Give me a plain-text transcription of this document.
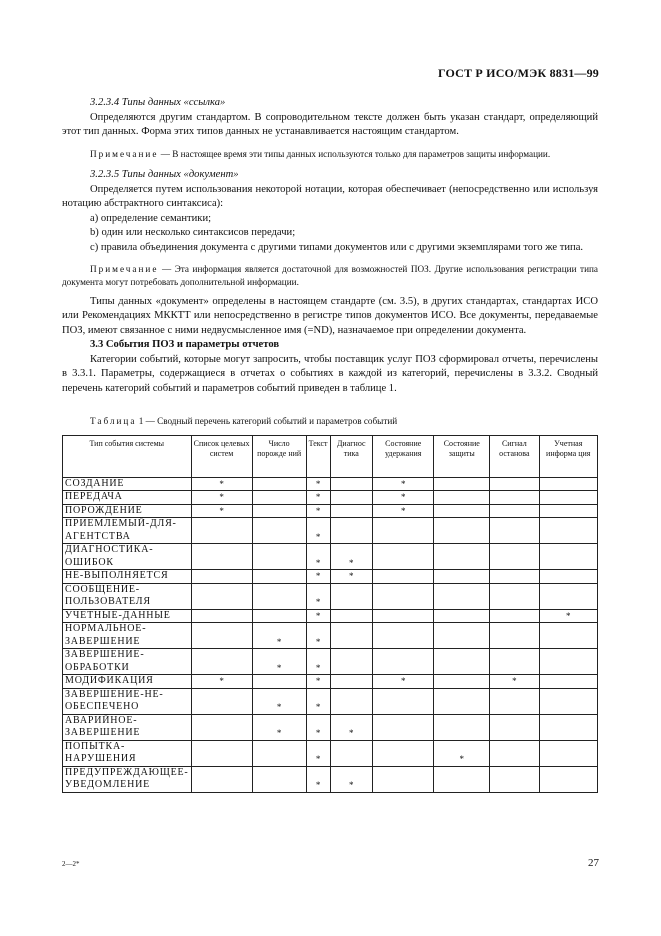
ГОСТ Р ИСО/МЭК 8831—99

3.2.3.4 Типы данных «ссылка»

Определяются другим стандартом. В сопроводительном тексте должен быть указан стандарт, определяющий этот тип данных. Форма этих типов данных не устанавливается настоящим стандартом.

Примечание — В настоящее время эти типы данных используются только для параметров защиты информации.

3.2.3.5 Типы данных «документ»

Определяется путем использования некоторой нотации, которая обеспечивает (непосредственно или используя нотацию абстрактного синтаксиса):

a) определение семантики;

b) один или несколько синтаксисов передачи;

c) правила объединения документа с другими типами документов или с другими экземплярами того же типа.

Примечание — Эта информация является достаточной для возможностей ПОЗ. Другие использования регистрации типа документа могут потребовать дополнительной информации.

Типы данных «документ» определены в настоящем стандарте (см. 3.5), в других стандартах, стандартах ИСО или Рекомендациях МККТТ или непосредственно в регистре типов документов ИСО. Все документы, передаваемые ПОЗ, имеют связанное с ними недвусмысленное имя (=ND), назначаемое при определении документа.

3.3 События ПОЗ и параметры отчетов

Категории событий, которые могут запросить, чтобы поставщик услуг ПОЗ сформировал отчеты, перечислены в 3.3.1. Параметры, содержащиеся в отчетах о событиях в каждой из категорий, перечислены в 3.3.2. Сводный перечень категорий событий и параметров событий приведен в таблице 1.

Таблица 1 — Сводный перечень категорий событий и параметров событий

Тип события системы	Список целевых систем	Число порожде ний	Текст	Диагнос тика	Состояние удержания	Состояние защиты	Сигнал останова	Учетная информа ция
СОЗДАНИЕ	*		*		*			
ПЕРЕДАЧА	*		*		*			
ПОРОЖДЕНИЕ	*		*		*			
ПРИЕМЛЕМЫЙ-ДЛЯ-АГЕНТСТВА			*					
ДИАГНОСТИКА-ОШИБОК			*	*				
НЕ-ВЫПОЛНЯЕТСЯ			*	*				
СООБЩЕНИЕ-ПОЛЬЗОВАТЕЛЯ			*					
УЧЕТНЫЕ-ДАННЫЕ			*					*
НОРМАЛЬНОЕ-ЗАВЕРШЕНИЕ		*	*					
ЗАВЕРШЕНИЕ-ОБРАБОТКИ		*	*					
МОДИФИКАЦИЯ	*		*		*		*	
ЗАВЕРШЕНИЕ-НЕ-ОБЕСПЕЧЕНО		*	*					
АВАРИЙНОЕ-ЗАВЕРШЕНИЕ		*	*	*				
ПОПЫТКА-НАРУШЕНИЯ			*			*		
ПРЕДУПРЕЖДАЮЩЕЕ-УВЕДОМЛЕНИЕ			*	*				
2—2*	27
